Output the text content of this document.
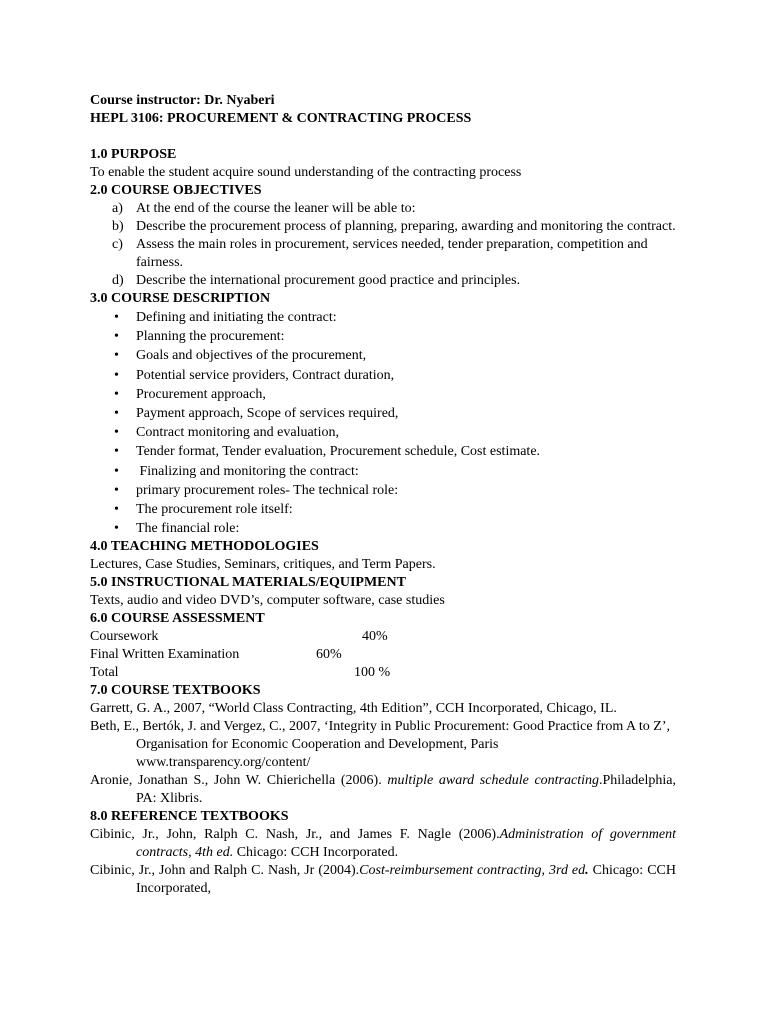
Course instructor: Dr. Nyaberi
HEPL 3106: PROCUREMENT & CONTRACTING PROCESS
1.0 PURPOSE
To enable the student acquire sound understanding of the contracting process
2.0 COURSE OBJECTIVES
a) At the end of the course the leaner will be able to:
b) Describe the procurement process of planning, preparing, awarding and monitoring the contract.
c) Assess the main roles in procurement, services needed, tender preparation, competition and fairness.
d) Describe the international procurement good practice and principles.
3.0 COURSE DESCRIPTION
• Defining and initiating the contract:
• Planning the procurement:
• Goals and objectives of the procurement,
• Potential service providers, Contract duration,
• Procurement approach,
• Payment approach, Scope of services required,
• Contract monitoring and evaluation,
• Tender format, Tender evaluation, Procurement schedule, Cost estimate.
• Finalizing and monitoring the contract:
• primary procurement roles- The technical role:
• The procurement role itself:
• The financial role:
4.0 TEACHING METHODOLOGIES
Lectures, Case Studies, Seminars, critiques, and Term Papers.
5.0 INSTRUCTIONAL MATERIALS/EQUIPMENT
Texts, audio and video DVD’s, computer software, case studies
6.0 COURSE ASSESSMENT
Coursework	40%
Final Written Examination	60%
Total	100 %
7.0 COURSE TEXTBOOKS
Garrett, G. A., 2007, “World Class Contracting, 4th Edition”, CCH Incorporated, Chicago, IL.
Beth, E., Bertók, J. and Vergez, C., 2007, ‘Integrity in Public Procurement: Good Practice from A to Z’, Organisation for Economic Cooperation and Development, Paris
www.transparency.org/content/
Aronie, Jonathan S., John W. Chierichella (2006). multiple award schedule contracting.Philadelphia, PA: Xlibris.
8.0 REFERENCE TEXTBOOKS
Cibinic, Jr., John, Ralph C. Nash, Jr., and James F. Nagle (2006).Administration of government contracts, 4th ed. Chicago: CCH Incorporated.
Cibinic, Jr., John and Ralph C. Nash, Jr (2004).Cost-reimbursement contracting, 3rd ed. Chicago: CCH Incorporated,
